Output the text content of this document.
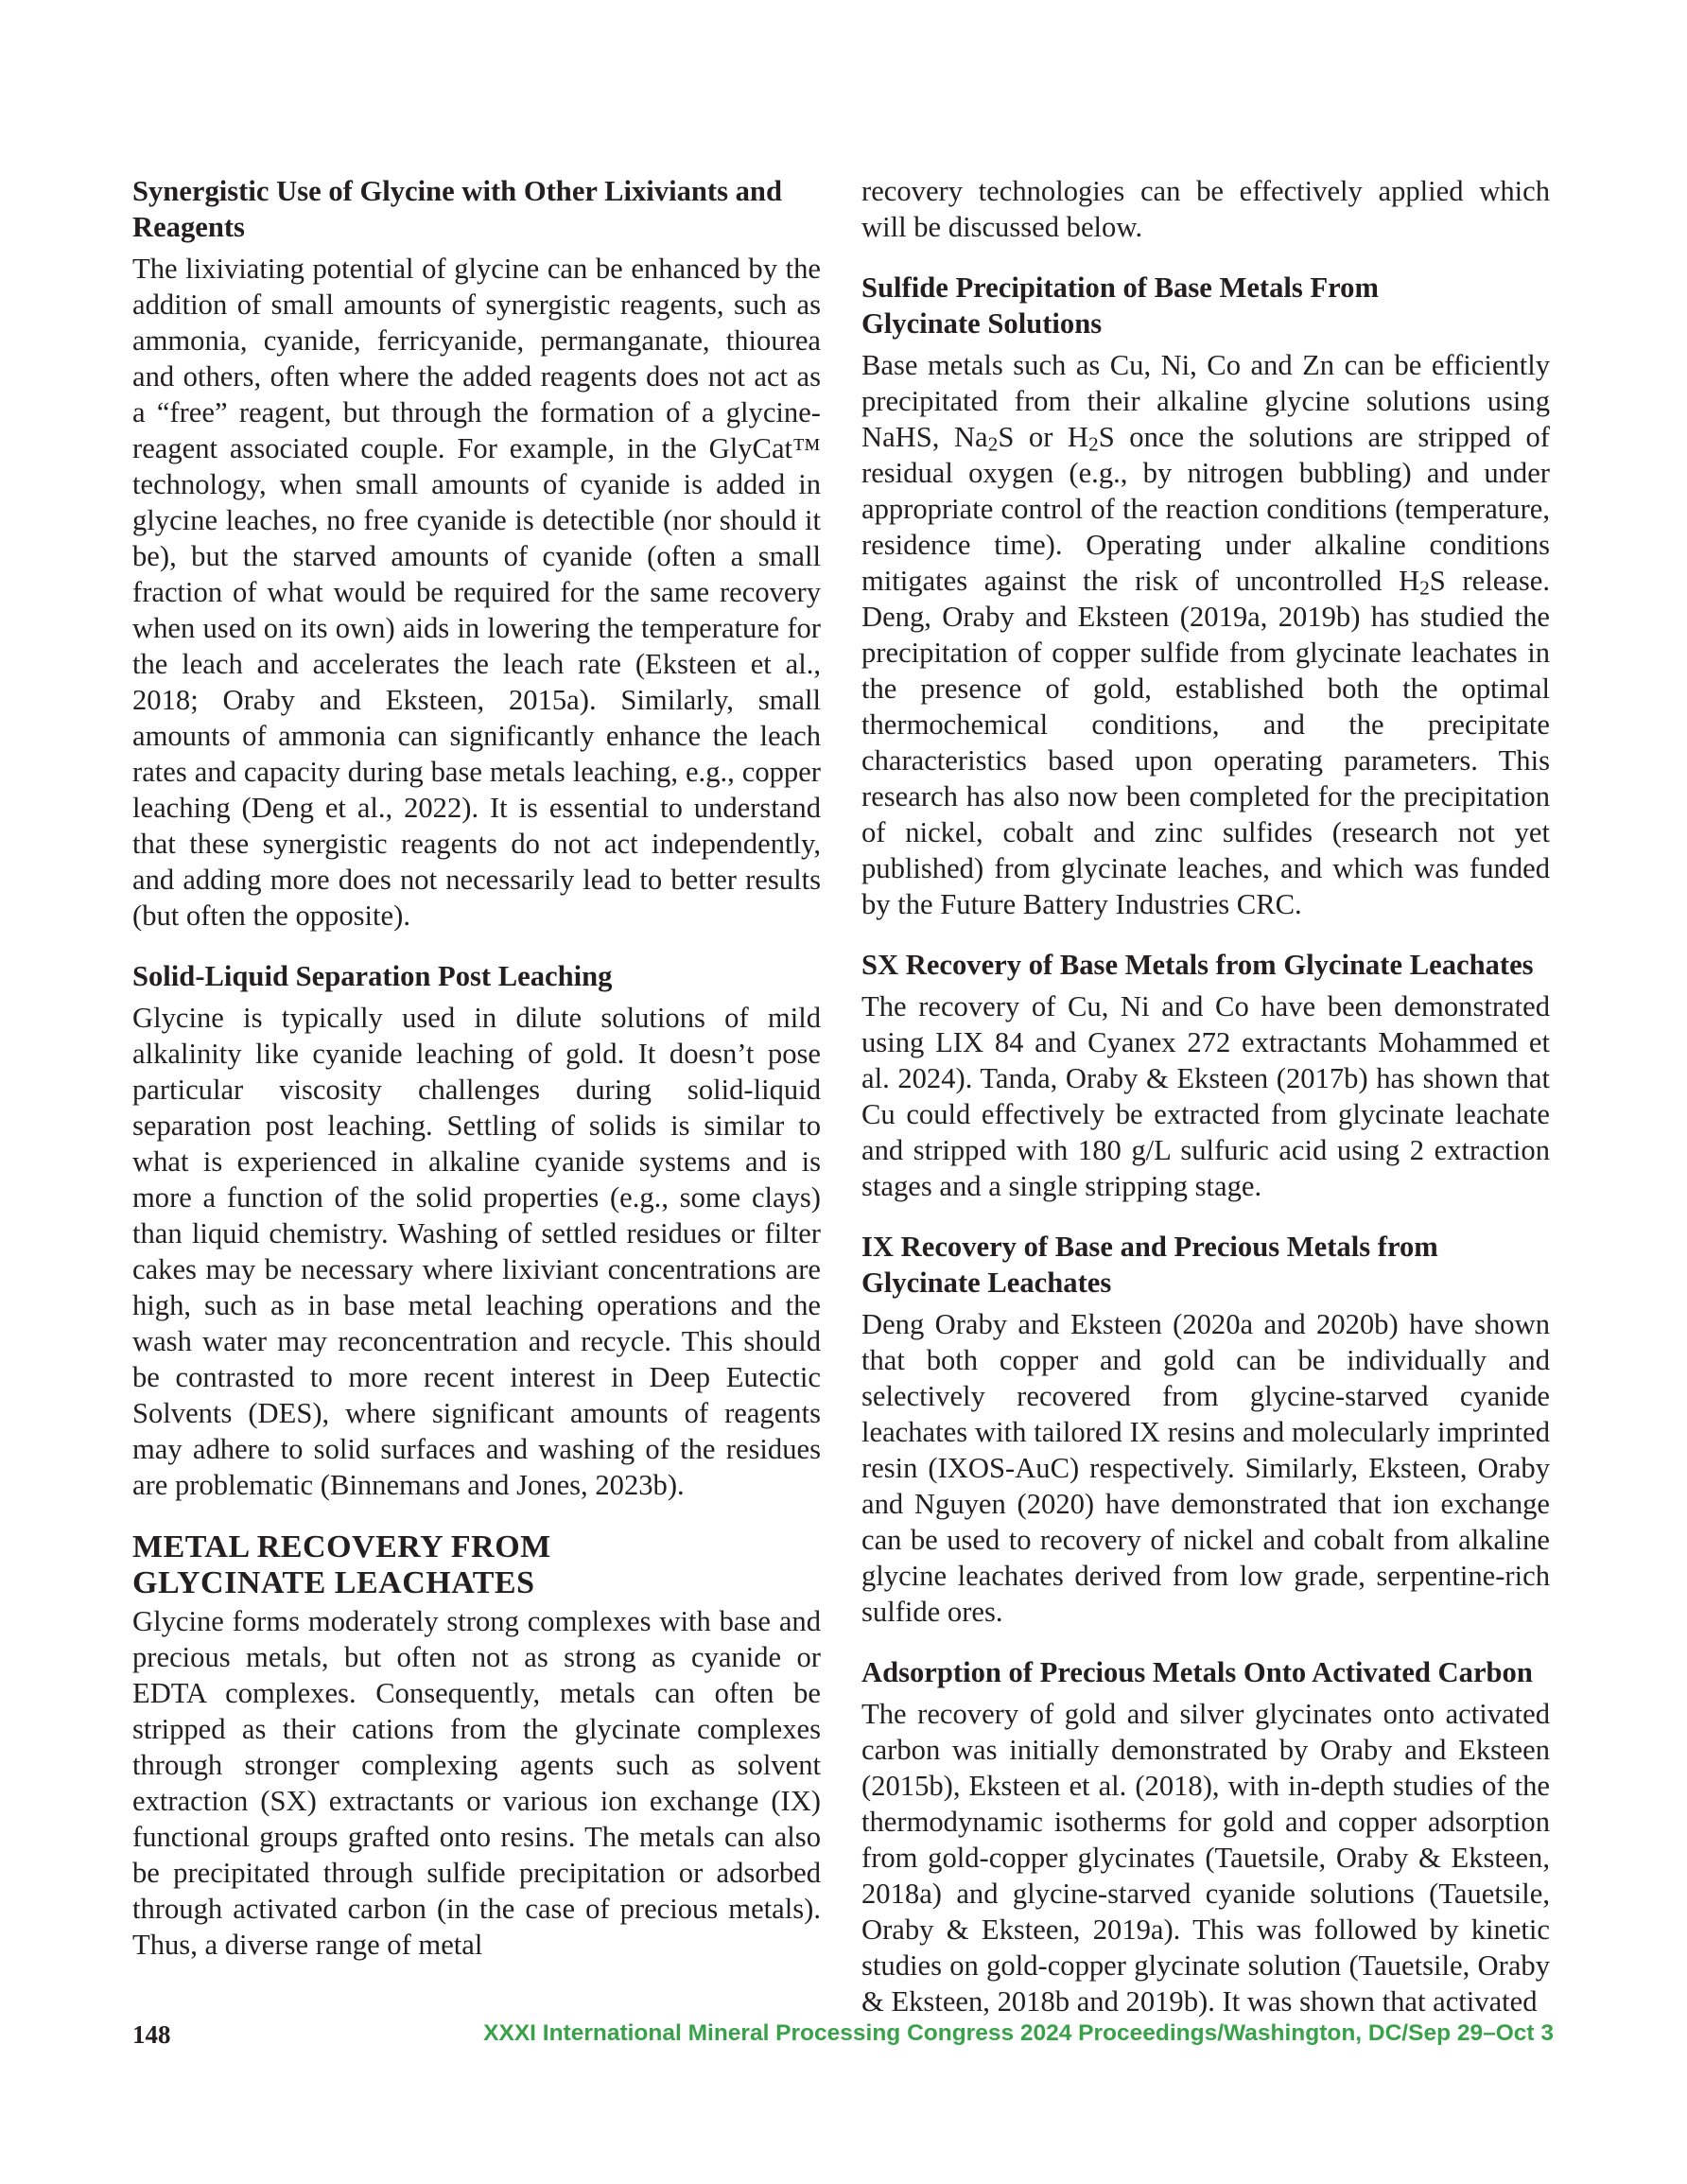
Synergistic Use of Glycine with Other Lixiviants and Reagents

The lixiviating potential of glycine can be enhanced by the addition of small amounts of synergistic reagents, such as ammonia, cyanide, ferricyanide, permanganate, thiourea and others, often where the added reagents does not act as a “free” reagent, but through the formation of a glycine-reagent associated couple. For example, in the GlyCat™ technology, when small amounts of cyanide is added in glycine leaches, no free cyanide is detectible (nor should it be), but the starved amounts of cyanide (often a small fraction of what would be required for the same recovery when used on its own) aids in lowering the temperature for the leach and accelerates the leach rate (Eksteen et al., 2018; Oraby and Eksteen, 2015a). Similarly, small amounts of ammonia can significantly enhance the leach rates and capacity during base metals leaching, e.g., copper leaching (Deng et al., 2022). It is essential to understand that these synergistic reagents do not act independently, and adding more does not necessarily lead to better results (but often the opposite).

Solid-Liquid Separation Post Leaching

Glycine is typically used in dilute solutions of mild alkalinity like cyanide leaching of gold. It doesn’t pose particular viscosity challenges during solid-liquid separation post leaching. Settling of solids is similar to what is experienced in alkaline cyanide systems and is more a function of the solid properties (e.g., some clays) than liquid chemistry. Washing of settled residues or filter cakes may be necessary where lixiviant concentrations are high, such as in base metal leaching operations and the wash water may reconcentration and recycle. This should be contrasted to more recent interest in Deep Eutectic Solvents (DES), where significant amounts of reagents may adhere to solid surfaces and washing of the residues are problematic (Binnemans and Jones, 2023b).

METAL RECOVERY FROM
GLYCINATE LEACHATES

Glycine forms moderately strong complexes with base and precious metals, but often not as strong as cyanide or EDTA complexes. Consequently, metals can often be stripped as their cations from the glycinate complexes through stronger complexing agents such as solvent extraction (SX) extractants or various ion exchange (IX) functional groups grafted onto resins. The metals can also be precipitated through sulfide precipitation or adsorbed through activated carbon (in the case of precious metals). Thus, a diverse range of metal

recovery technologies can be effectively applied which will be discussed below.

Sulfide Precipitation of Base Metals From
Glycinate Solutions

Base metals such as Cu, Ni, Co and Zn can be efficiently precipitated from their alkaline glycine solutions using NaHS, $Na_2S$ or $H_2S$ once the solutions are stripped of residual oxygen (e.g., by nitrogen bubbling) and under appropriate control of the reaction conditions (temperature, residence time). Operating under alkaline conditions mitigates against the risk of uncontrolled $H_2S$ release. Deng, Oraby and Eksteen (2019a, 2019b) has studied the precipitation of copper sulfide from glycinate leachates in the presence of gold, established both the optimal thermochemical conditions, and the precipitate characteristics based upon operating parameters. This research has also now been completed for the precipitation of nickel, cobalt and zinc sulfides (research not yet published) from glycinate leaches, and which was funded by the Future Battery Industries CRC.

SX Recovery of Base Metals from Glycinate Leachates

The recovery of Cu, Ni and Co have been demonstrated using LIX 84 and Cyanex 272 extractants Mohammed et al. 2024). Tanda, Oraby & Eksteen (2017b) has shown that Cu could effectively be extracted from glycinate leachate and stripped with 180 g/L sulfuric acid using 2 extraction stages and a single stripping stage.

IX Recovery of Base and Precious Metals from
Glycinate Leachates

Deng Oraby and Eksteen (2020a and 2020b) have shown that both copper and gold can be individually and selectively recovered from glycine-starved cyanide leachates with tailored IX resins and molecularly imprinted resin (IXOS-AuC) respectively. Similarly, Eksteen, Oraby and Nguyen (2020) have demonstrated that ion exchange can be used to recovery of nickel and cobalt from alkaline glycine leachates derived from low grade, serpentine-rich sulfide ores.

Adsorption of Precious Metals Onto Activated Carbon

The recovery of gold and silver glycinates onto activated carbon was initially demonstrated by Oraby and Eksteen (2015b), Eksteen et al. (2018), with in-depth studies of the thermodynamic isotherms for gold and copper adsorption from gold-copper glycinates (Tauetsile, Oraby & Eksteen, 2018a) and glycine-starved cyanide solutions (Tauetsile, Oraby & Eksteen, 2019a). This was followed by kinetic studies on gold-copper glycinate solution (Tauetsile, Oraby & Eksteen, 2018b and 2019b). It was shown that activated

148	XXXI International Mineral Processing Congress 2024 Proceedings/Washington, DC/Sep 29–Oct 3
